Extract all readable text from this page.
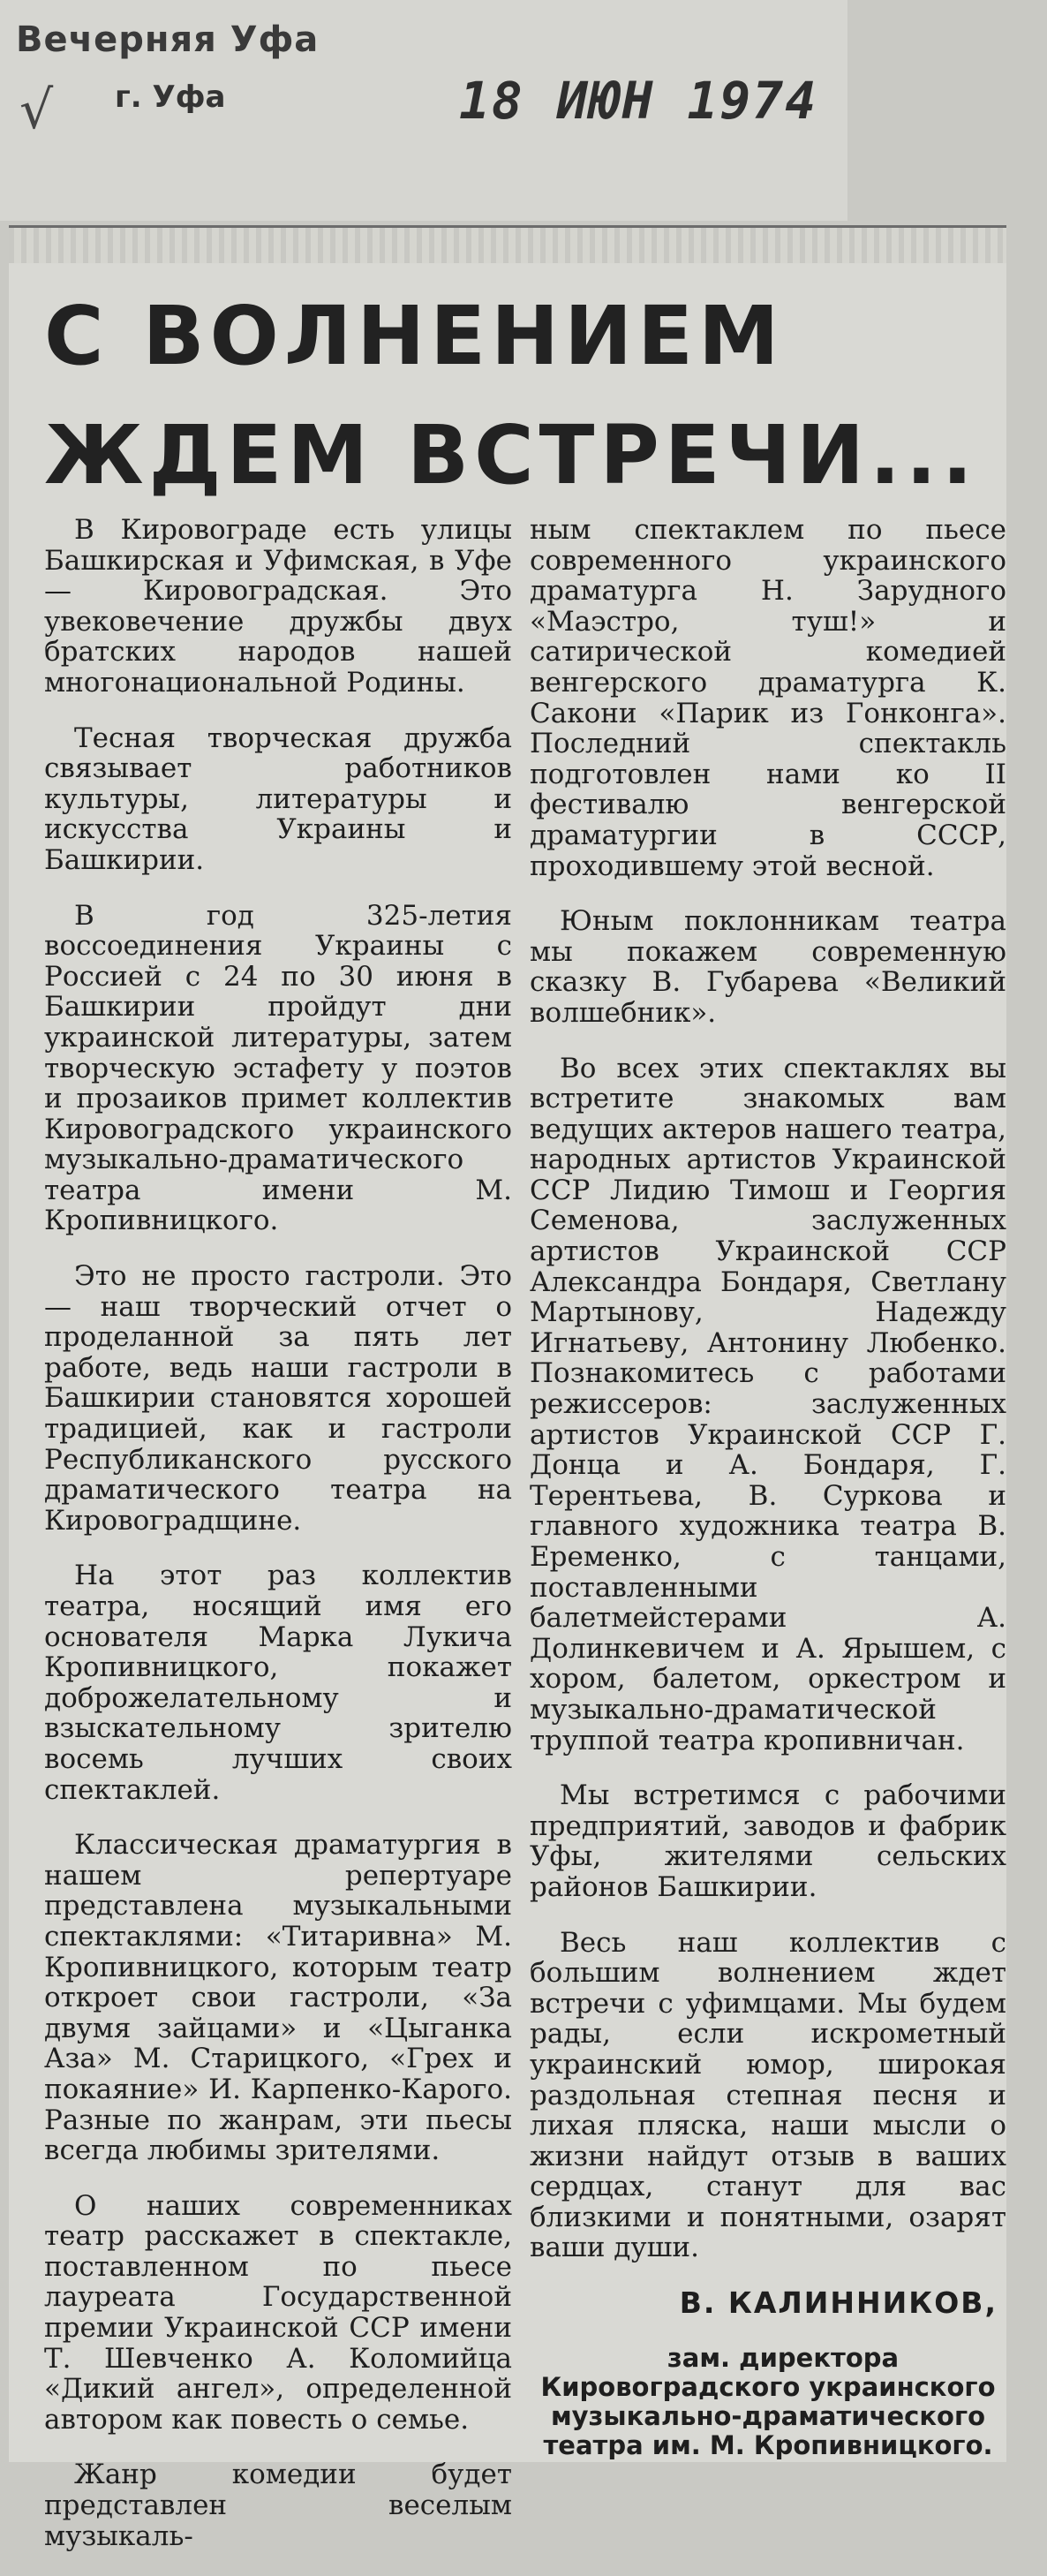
Вечерняя Уфа
√ г. Уфа	18 ИЮН 1974
С ВОЛНЕНИЕМ
ЖДЕМ ВСТРЕЧИ...

В Кировограде есть улицы Башкирская и Уфимская, в Уфе — Кировоградская. Это увековечение дружбы двух братских народов нашей многонациональной Родины.

Тесная творческая дружба связывает работников культуры, литературы и искусства Украины и Башкирии.

В год 325-летия воссоединения Украины с Россией с 24 по 30 июня в Башкирии пройдут дни украинской литературы, затем творческую эстафету у поэтов и прозаиков примет коллектив Кировоградского украинского музыкально-драматического театра имени М. Кропивницкого.

Это не просто гастроли. Это — наш творческий отчет о проделанной за пять лет работе, ведь наши гастроли в Башкирии становятся хорошей традицией, как и гастроли Республиканского русского драматического театра на Кировоградщине.

На этот раз коллектив театра, носящий имя его основателя Марка Лукича Кропивницкого, покажет доброжелательному и взыскательному зрителю восемь лучших своих спектаклей.

Классическая драматургия в нашем репертуаре представлена музыкальными спектаклями: «Титаривна» М. Кропивницкого, которым театр откроет свои гастроли, «За двумя зайцами» и «Цыганка Аза» М. Старицкого, «Грех и покаяние» И. Карпенко-Карого. Разные по жанрам, эти пьесы всегда любимы зрителями.

О наших современниках театр расскажет в спектакле, поставленном по пьесе лауреата Государственной премии Украинской ССР имени Т. Шевченко А. Коломийца «Дикий ангел», определенной автором как повесть о семье.

Жанр комедии будет представлен веселым музыкаль-

ным спектаклем по пьесе современного украинского драматурга Н. Зарудного «Маэстро, туш!» и сатирической комедией венгерского драматурга К. Сакони «Парик из Гонконга». Последний спектакль подготовлен нами ко II фестивалю венгерской драматургии в СССР, проходившему этой весной.

Юным поклонникам театра мы покажем современную сказку В. Губарева «Великий волшебник».

Во всех этих спектаклях вы встретите знакомых вам ведущих актеров нашего театра, народных артистов Украинской ССР Лидию Тимош и Георгия Семенова, заслуженных артистов Украинской ССР Александра Бондаря, Светлану Мартынову, Надежду Игнатьеву, Антонину Любенко. Познакомитесь с работами режиссеров: заслуженных артистов Украинской ССР Г. Донца и А. Бондаря, Г. Терентьева, В. Суркова и главного художника театра В. Еременко, с танцами, поставленными балетмейстерами А. Долинкевичем и А. Ярышем, с хором, балетом, оркестром и музыкально-драматической труппой театра кропивничан.

Мы встретимся с рабочими предприятий, заводов и фабрик Уфы, жителями сельских районов Башкирии.

Весь наш коллектив с большим волнением ждет встречи с уфимцами. Мы будем рады, если искрометный украинский юмор, широкая раздольная степная песня и лихая пляска, наши мысли о жизни найдут отзыв в ваших сердцах, станут для вас близкими и понятными, озарят ваши души.

В. КАЛИННИКОВ,

зам. директора Кировоградского украинского музыкально-драматического театра им. М. Кропивницкого.
